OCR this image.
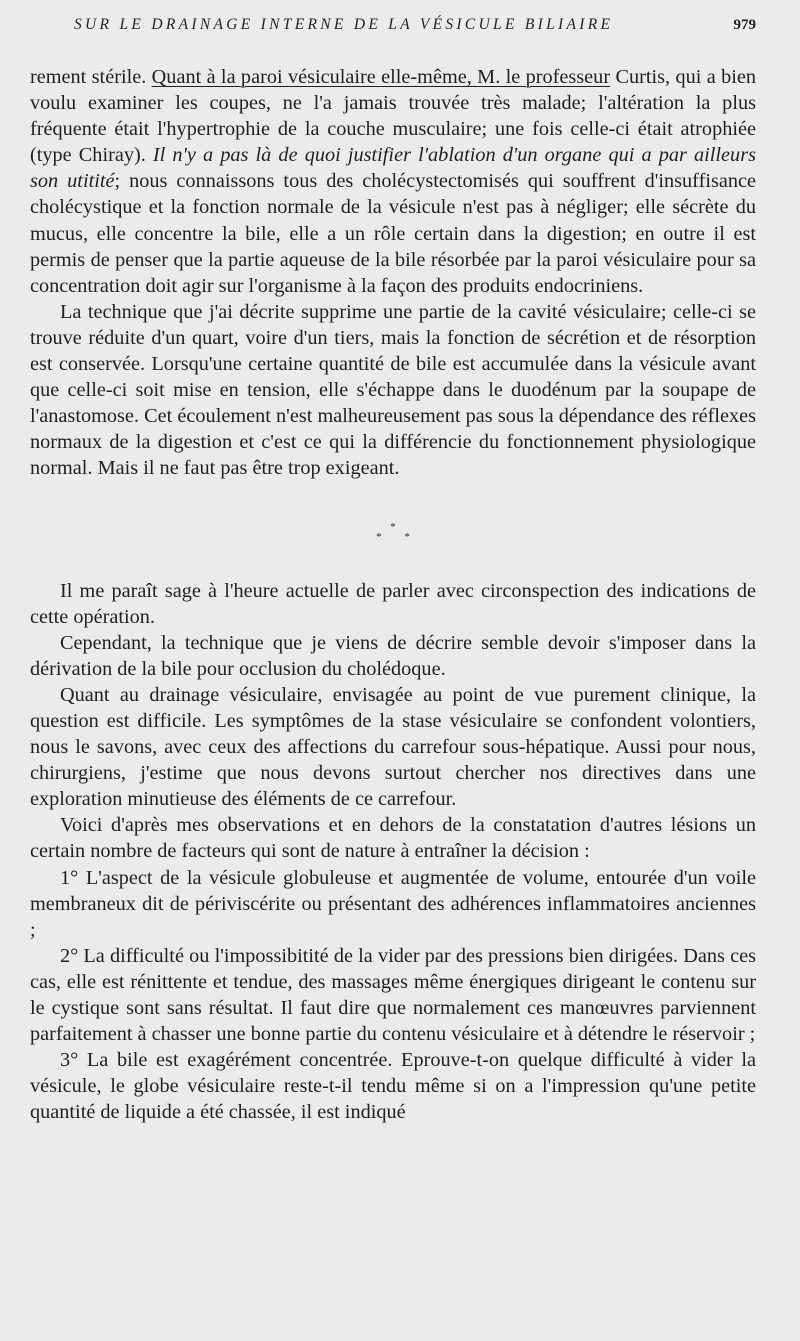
SUR LE DRAINAGE INTERNE DE LA VÉSICULE BILIAIRE	979

rement stérile. Quant à la paroi vésiculaire elle-même, M. le professeur Curtis, qui a bien voulu examiner les coupes, ne l'a jamais trouvée très malade; l'altération la plus fréquente était l'hypertrophie de la couche musculaire; une fois celle-ci était atrophiée (type Chiray). Il n'y a pas là de quoi justifier l'ablation d'un organe qui a par ailleurs son utitité; nous connaissons tous des cholécystectomisés qui souffrent d'insuffisance cholécystique et la fonction normale de la vésicule n'est pas à négliger; elle sécrète du mucus, elle concentre la bile, elle a un rôle certain dans la digestion; en outre il est permis de penser que la partie aqueuse de la bile résorbée par la paroi vésiculaire pour sa concentration doit agir sur l'organisme à la façon des produits endocriniens.

La technique que j'ai décrite supprime une partie de la cavité vésiculaire; celle-ci se trouve réduite d'un quart, voire d'un tiers, mais la fonction de sécrétion et de résorption est conservée. Lorsqu'une certaine quantité de bile est accumulée dans la vésicule avant que celle-ci soit mise en tension, elle s'échappe dans le duodénum par la soupape de l'anastomose. Cet écoulement n'est malheureusement pas sous la dépendance des réflexes normaux de la digestion et c'est ce qui la différencie du fonctionnement physiologique normal. Mais il ne faut pas être trop exigeant.

*
* *

Il me paraît sage à l'heure actuelle de parler avec circonspection des indications de cette opération.

Cependant, la technique que je viens de décrire semble devoir s'imposer dans la dérivation de la bile pour occlusion du cholédoque.

Quant au drainage vésiculaire, envisagée au point de vue purement clinique, la question est difficile. Les symptômes de la stase vésiculaire se confondent volontiers, nous le savons, avec ceux des affections du carrefour sous-hépatique. Aussi pour nous, chirurgiens, j'estime que nous devons surtout chercher nos directives dans une exploration minutieuse des éléments de ce carrefour.

Voici d'après mes observations et en dehors de la constatation d'autres lésions un certain nombre de facteurs qui sont de nature à entraîner la décision :

1° L'aspect de la vésicule globuleuse et augmentée de volume, entourée d'un voile membraneux dit de périviscérite ou présentant des adhérences inflammatoires anciennes ;

2° La difficulté ou l'impossibitité de la vider par des pressions bien dirigées. Dans ces cas, elle est rénittente et tendue, des massages même énergiques dirigeant le contenu sur le cystique sont sans résultat. Il faut dire que normalement ces manœuvres parviennent parfaitement à chasser une bonne partie du contenu vésiculaire et à détendre le réservoir ;

3° La bile est exagérément concentrée. Eprouve-t-on quelque difficulté à vider la vésicule, le globe vésiculaire reste-t-il tendu même si on a l'impression qu'une petite quantité de liquide a été chassée, il est indiqué
